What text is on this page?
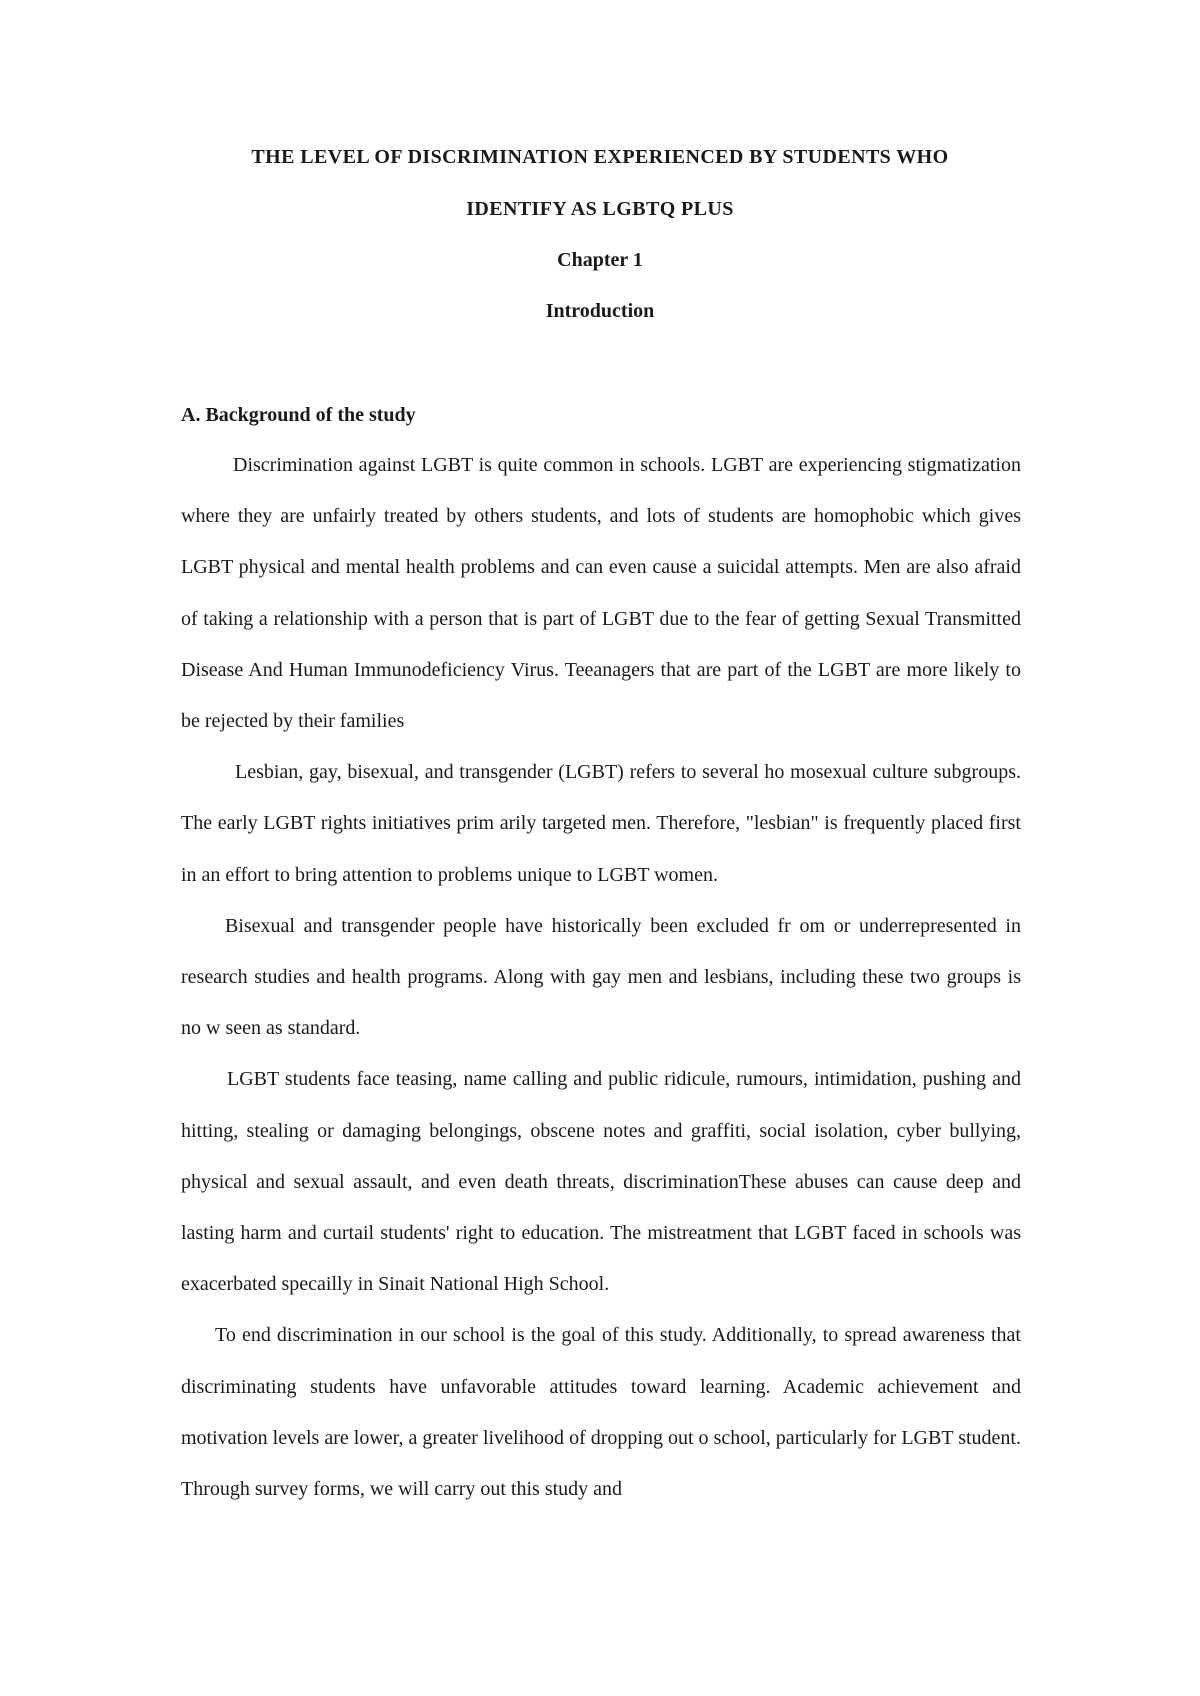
THE LEVEL OF DISCRIMINATION EXPERIENCED BY STUDENTS WHO
IDENTIFY AS LGBTQ PLUS
Chapter 1
Introduction
A. Background of the study

Discrimination against LGBT is quite common in schools. LGBT are experiencing stigmatization where they are unfairly treated by others students, and lots of students are homophobic which gives LGBT physical and mental health problems and can even cause a suicidal attempts. Men are also afraid of taking a relationship with a person that is part of LGBT due to the fear of getting Sexual Transmitted Disease And Human Immunodeficiency Virus. Teeanagers that are part of the LGBT are more likely to be rejected by their families

Lesbian, gay, bisexual, and transgender (LGBT) refers to several ho mosexual culture subgroups. The early LGBT rights initiatives prim arily targeted men. Therefore, "lesbian" is frequently placed first in an effort to bring attention to problems unique to LGBT women.

Bisexual and transgender people have historically been excluded fr om or underrepresented in research studies and health programs. Along with gay men and lesbians, including these two groups is no w seen as standard.

LGBT students face teasing, name calling and public ridicule, rumours, intimidation, pushing and hitting, stealing or damaging belongings, obscene notes and graffiti, social isolation, cyber bullying, physical and sexual assault, and even death threats, discriminationThese abuses can cause deep and lasting harm and curtail students' right to education. The mistreatment that LGBT faced in schools was exacerbated specailly in Sinait National High School.

To end discrimination in our school is the goal of this study. Additionally, to spread awareness that discriminating students have unfavorable attitudes toward learning. Academic achievement and motivation levels are lower, a greater livelihood of dropping out o school, particularly for LGBT student. Through survey forms, we will carry out this study and
